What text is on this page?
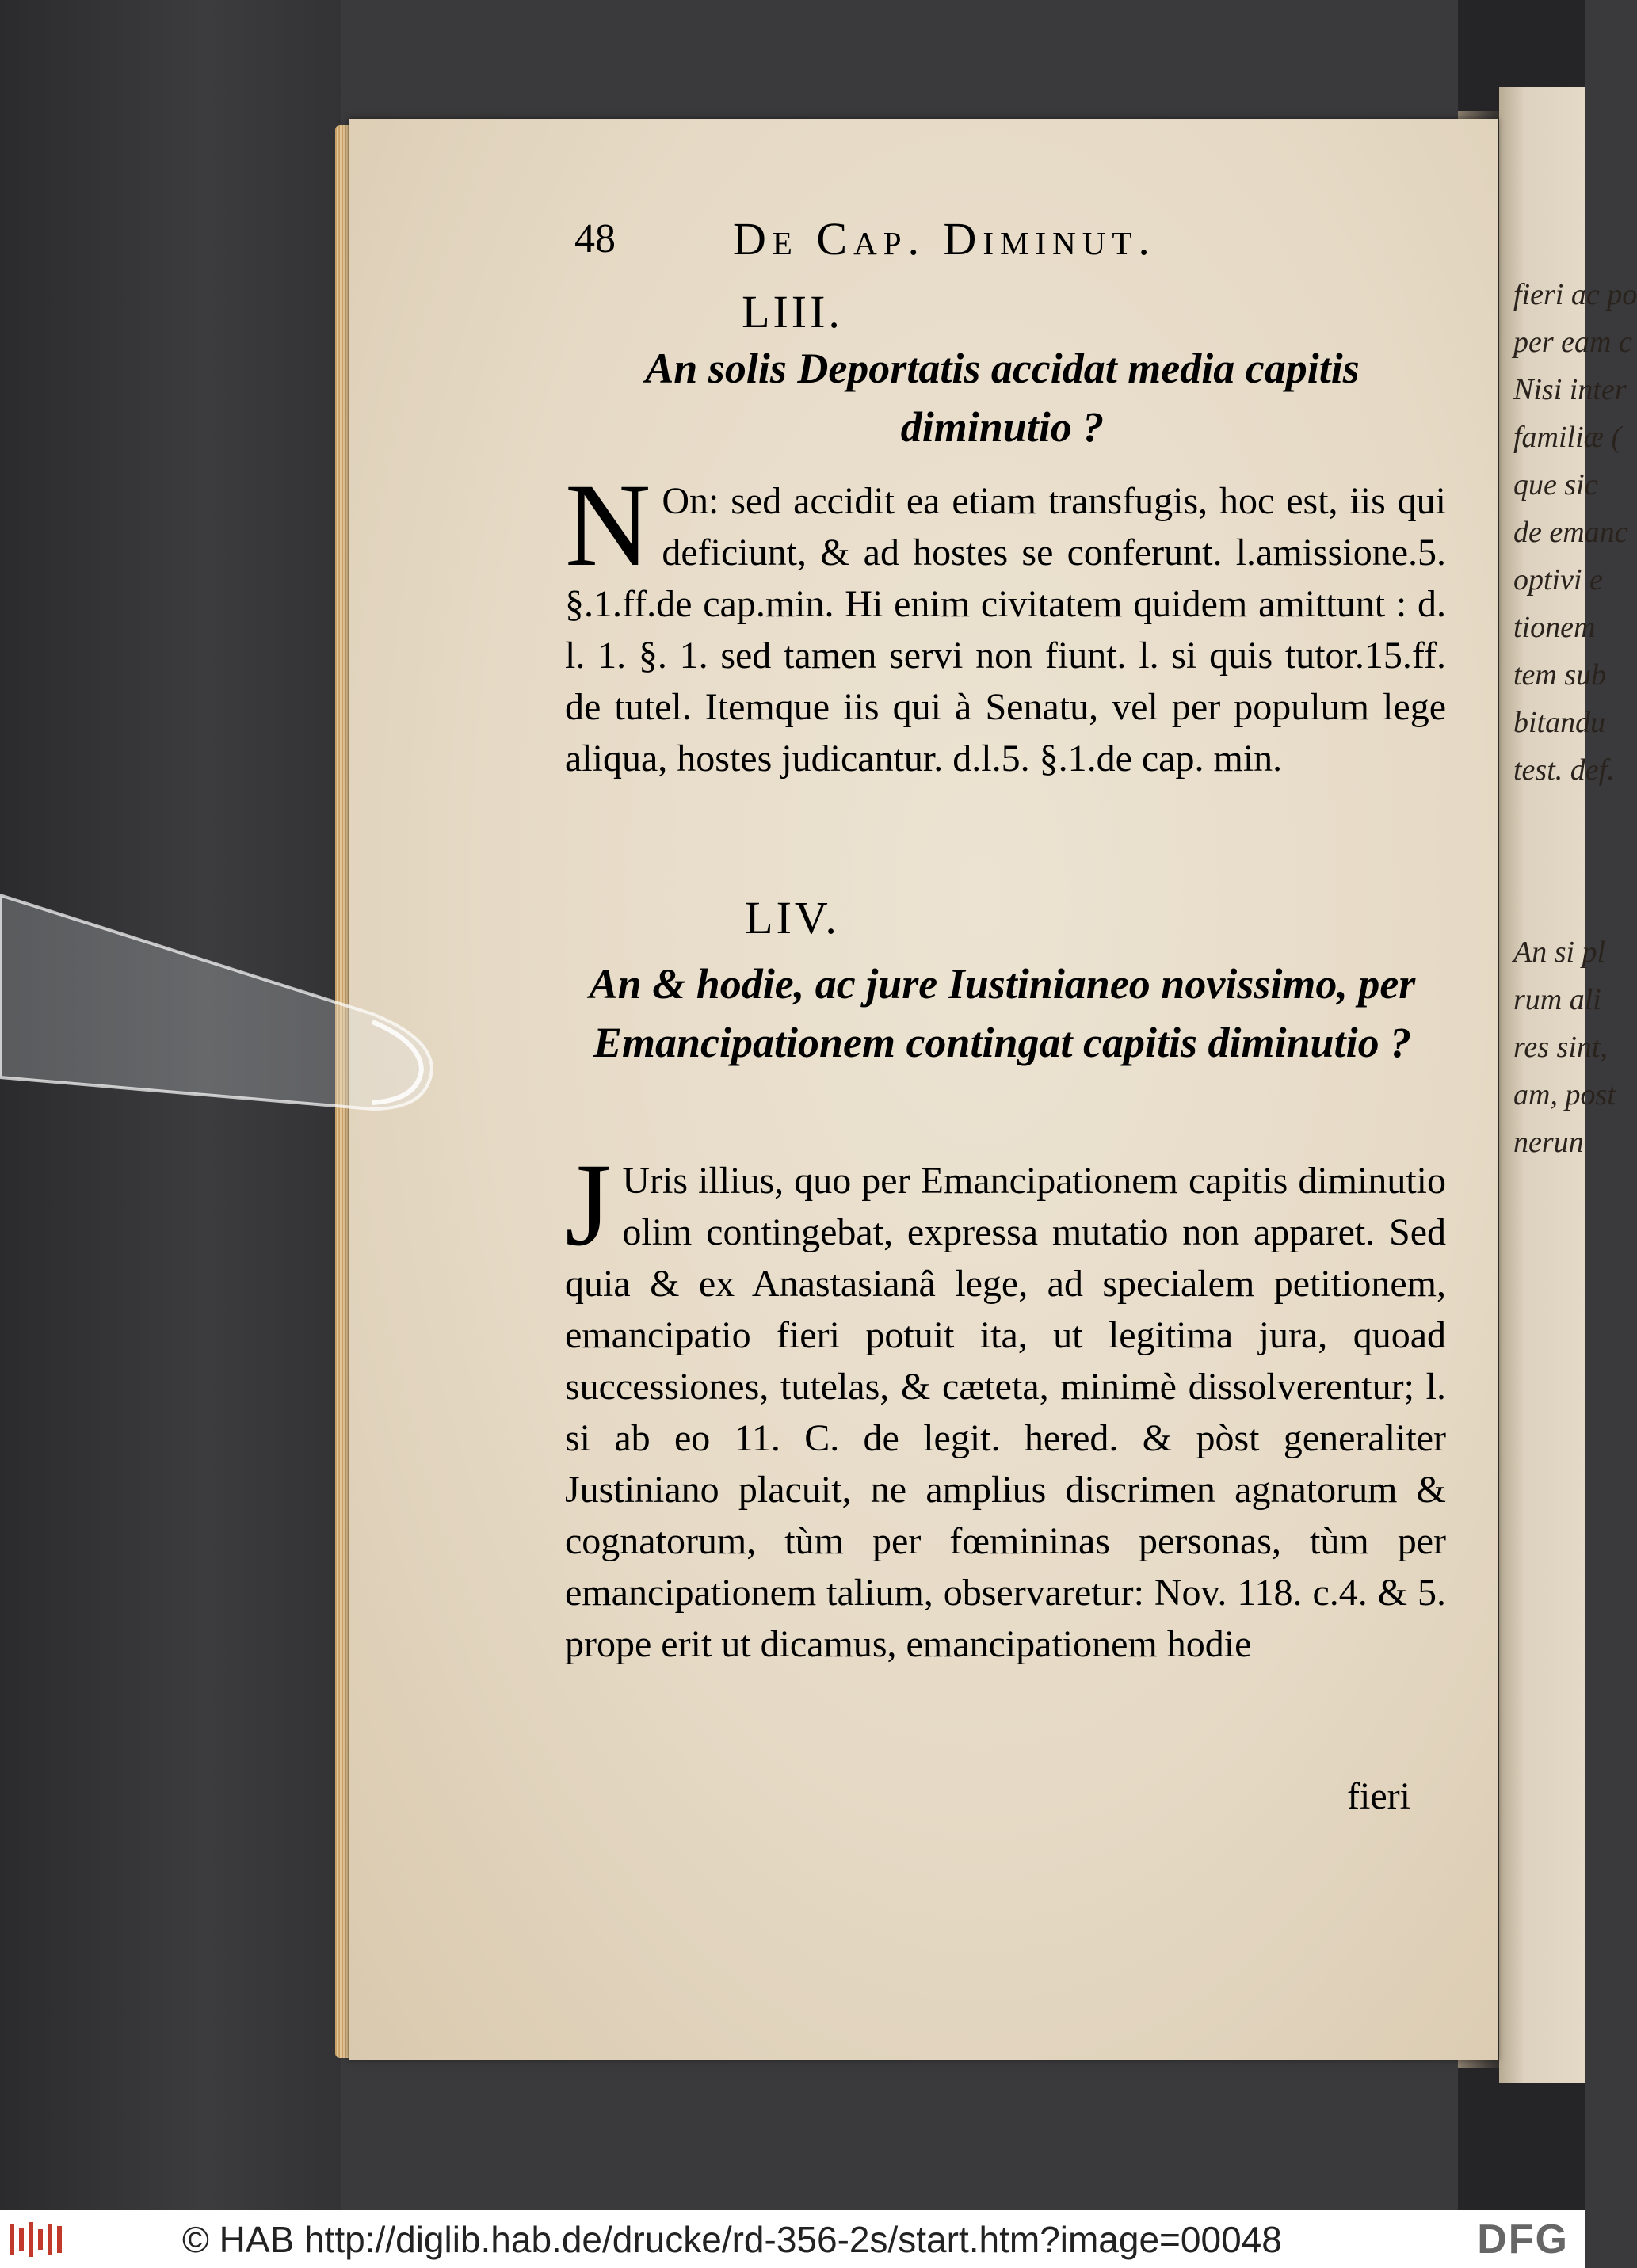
fieri ac po
per eam c
Nisi inter
familiæ (
que sic
de emanc
optivi e
tionem
tem sub
bitandu
test. def.
An si pl
rum ali
res sint,
am, post
nerun
48	De Cap. Diminut.
LIII.
An solis Deportatis accidat media capitis diminutio ?
N On: sed accidit ea etiam transfugis, hoc est, iis qui deficiunt, & ad hostes se conferunt. l.amissione.5. §.1.ff.de cap.min. Hi enim civitatem quidem amittunt : d. l. 1. §. 1. sed tamen servi non fiunt. l. si quis tutor.15.ff. de tutel. Itemque iis qui à Senatu, vel per populum lege aliqua, hostes judicantur. d.l.5. §.1.de cap. min.
LIV.
An & hodie, ac jure Iustinianeo novissimo, per Emancipationem contingat capitis diminutio ?
J Uris illius, quo per Emancipationem capitis diminutio olim contingebat, expressa mutatio non apparet. Sed quia & ex Anastasianâ lege, ad specialem petitionem, emancipatio fieri potuit ita, ut legitima jura, quoad successiones, tutelas, & cæteta, minimè dissolverentur; l. si ab eo 11. C. de legit. hered. & pòst generaliter Justiniano placuit, ne amplius discrimen agnatorum & cognatorum, tùm per fœmininas personas, tùm per emancipationem talium, observaretur: Nov. 118. c.4. & 5. prope erit ut dicamus, emancipationem hodie
fieri
© HAB http://diglib.hab.de/drucke/rd-356-2s/start.htm?image=00048	DFG
